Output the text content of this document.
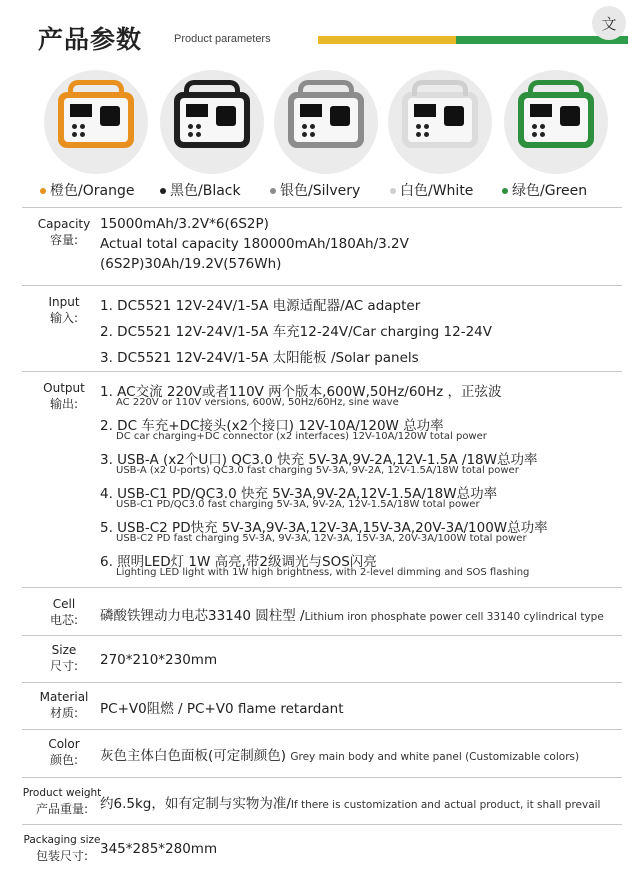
产品参数	Product parameters
文
橙色/Orange	黑色/Black	银色/Silvery	白色/White	绿色/Green
Capacity
容量:
15000mAh/3.2V*6(6S2P)
Actual total capacity 180000mAh/180Ah/3.2V
(6S2P)30Ah/19.2V(576Wh)
Input
输入:
1. DC5521 12V-24V/1-5A 电源适配器/AC adapter
2. DC5521 12V-24V/1-5A 车充12-24V/Car charging 12-24V
3. DC5521 12V-24V/1-5A 太阳能板 /Solar panels
Output
输出:
1. AC交流 220V或者110V 两个版本,600W,50Hz/60Hz ，正弦波
AC 220V or 110V versions, 600W, 50Hz/60Hz, sine wave
2. DC 车充+DC接头(x2个接口) 12V-10A/120W 总功率
DC car charging+DC connector (x2 interfaces) 12V-10A/120W total power
3. USB-A (x2个U口) QC3.0 快充 5V-3A,9V-2A,12V-1.5A /18W总功率
USB-A (x2 U-ports) QC3.0 fast charging 5V-3A, 9V-2A, 12V-1.5A/18W total power
4. USB-C1 PD/QC3.0 快充 5V-3A,9V-2A,12V-1.5A/18W总功率
USB-C1 PD/QC3.0 fast charging 5V-3A, 9V-2A, 12V-1.5A/18W total power
5. USB-C2 PD快充 5V-3A,9V-3A,12V-3A,15V-3A,20V-3A/100W总功率
USB-C2 PD fast charging 5V-3A, 9V-3A, 12V-3A, 15V-3A, 20V-3A/100W total power
6. 照明LED灯 1W 高亮,带2级调光与SOS闪亮
Lighting LED light with 1W high brightness, with 2-level dimming and SOS flashing
Cell
电芯:	磷酸铁锂动力电芯33140 圆柱型 /Lithium iron phosphate power cell 33140 cylindrical type
Size
尺寸:	270*210*230mm
Material
材质:	PC+V0阻燃 / PC+V0 flame retardant
Color
颜色:	灰色主体白色面板(可定制颜色) Grey main body and white panel (Customizable colors)
Product weight
产品重量: 约6.5kg，如有定制与实物为准/If there is customization and actual product, it shall prevail
Packaging size
包装尺寸: 345*285*280mm
